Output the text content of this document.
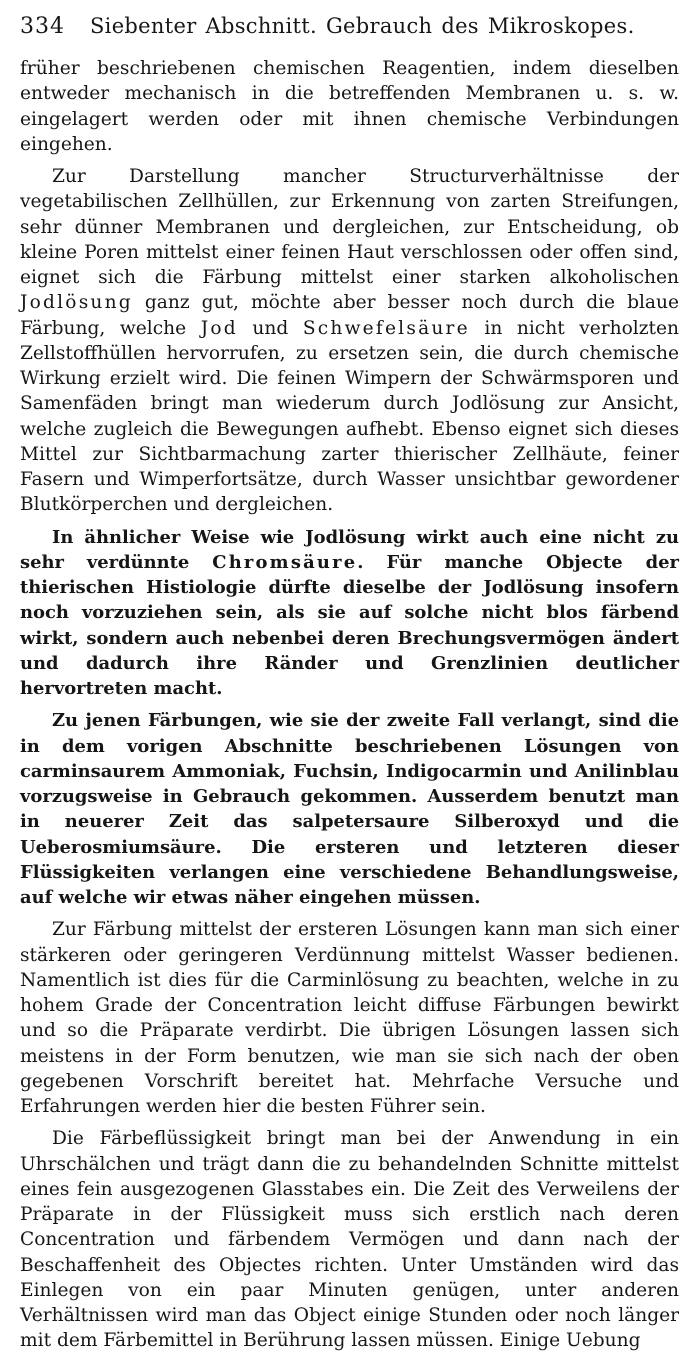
334	Siebenter Abschnitt. Gebrauch des Mikroskopes.

früher beschriebenen chemischen Reagentien, indem dieselben entweder mechanisch in die betreffenden Membranen u. s. w. eingelagert werden oder mit ihnen chemische Verbindungen eingehen.

Zur Darstellung mancher Structurverhältnisse der vegetabilischen Zellhüllen, zur Erkennung von zarten Streifungen, sehr dünner Membranen und dergleichen, zur Entscheidung, ob kleine Poren mittelst einer feinen Haut verschlossen oder offen sind, eignet sich die Färbung mittelst einer starken alkoholischen Jodlösung ganz gut, möchte aber besser noch durch die blaue Färbung, welche Jod und Schwefelsäure in nicht verholzten Zellstoffhüllen hervorrufen, zu ersetzen sein, die durch chemische Wirkung erzielt wird. Die feinen Wimpern der Schwärmsporen und Samenfäden bringt man wiederum durch Jodlösung zur Ansicht, welche zugleich die Bewegungen aufhebt. Ebenso eignet sich dieses Mittel zur Sichtbarmachung zarter thierischer Zellhäute, feiner Fasern und Wimperfortsätze, durch Wasser unsichtbar gewordener Blutkörperchen und dergleichen.

In ähnlicher Weise wie Jodlösung wirkt auch eine nicht zu sehr verdünnte Chromsäure. Für manche Objecte der thierischen Histiologie dürfte dieselbe der Jodlösung insofern noch vorzuziehen sein, als sie auf solche nicht blos färbend wirkt, sondern auch nebenbei deren Brechungsvermögen ändert und dadurch ihre Ränder und Grenzlinien deutlicher hervortreten macht.

Zu jenen Färbungen, wie sie der zweite Fall verlangt, sind die in dem vorigen Abschnitte beschriebenen Lösungen von carminsaurem Ammoniak, Fuchsin, Indigocarmin und Anilinblau vorzugsweise in Gebrauch gekommen. Ausserdem benutzt man in neuerer Zeit das salpetersaure Silberoxyd und die Ueberosmiumsäure. Die ersteren und letzteren dieser Flüssigkeiten verlangen eine verschiedene Behandlungsweise, auf welche wir etwas näher eingehen müssen.

Zur Färbung mittelst der ersteren Lösungen kann man sich einer stärkeren oder geringeren Verdünnung mittelst Wasser bedienen. Namentlich ist dies für die Carminlösung zu beachten, welche in zu hohem Grade der Concentration leicht diffuse Färbungen bewirkt und so die Präparate verdirbt. Die übrigen Lösungen lassen sich meistens in der Form benutzen, wie man sie sich nach der oben gegebenen Vorschrift bereitet hat. Mehrfache Versuche und Erfahrungen werden hier die besten Führer sein.

Die Färbeflüssigkeit bringt man bei der Anwendung in ein Uhrschälchen und trägt dann die zu behandelnden Schnitte mittelst eines fein ausgezogenen Glasstabes ein. Die Zeit des Verweilens der Präparate in der Flüssigkeit muss sich erstlich nach deren Concentration und färbendem Vermögen und dann nach der Beschaffenheit des Objectes richten. Unter Umständen wird das Einlegen von ein paar Minuten genügen, unter anderen Verhältnissen wird man das Object einige Stunden oder noch länger mit dem Färbemittel in Berührung lassen müssen. Einige Uebung
